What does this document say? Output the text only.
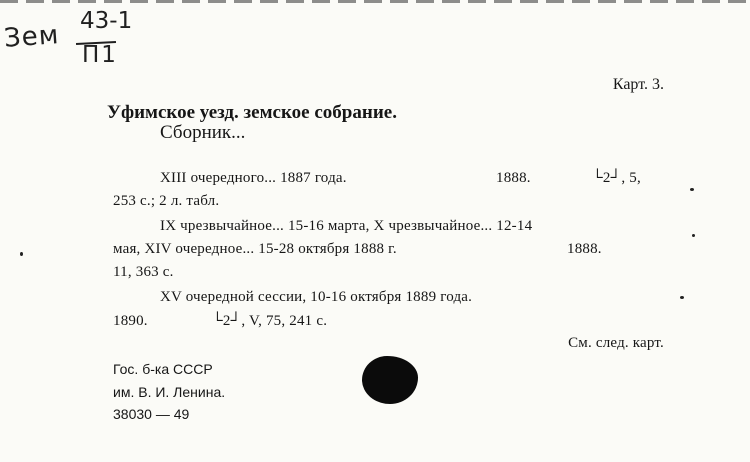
Зем 43-1
П1
Карт. 3.
Уфимское уезд. земское собрание.
Сборник...
XIII очередного... 1887 года.	1888.	└2┘, 5,
253 с.; 2 л. табл.
IX чрезвычайное... 15-16 марта, X чрезвычайное... 12-14
мая, XIV очередное... 15-28 октября 1888 г.	1888.
11, 363 с.
XV очередной сессии, 10-16 октября 1889 года.
1890.	└2┘, V, 75, 241 с.
См. след. карт.
Гос. б-ка СССР
им. В. И. Ленина.
38030 — 49
